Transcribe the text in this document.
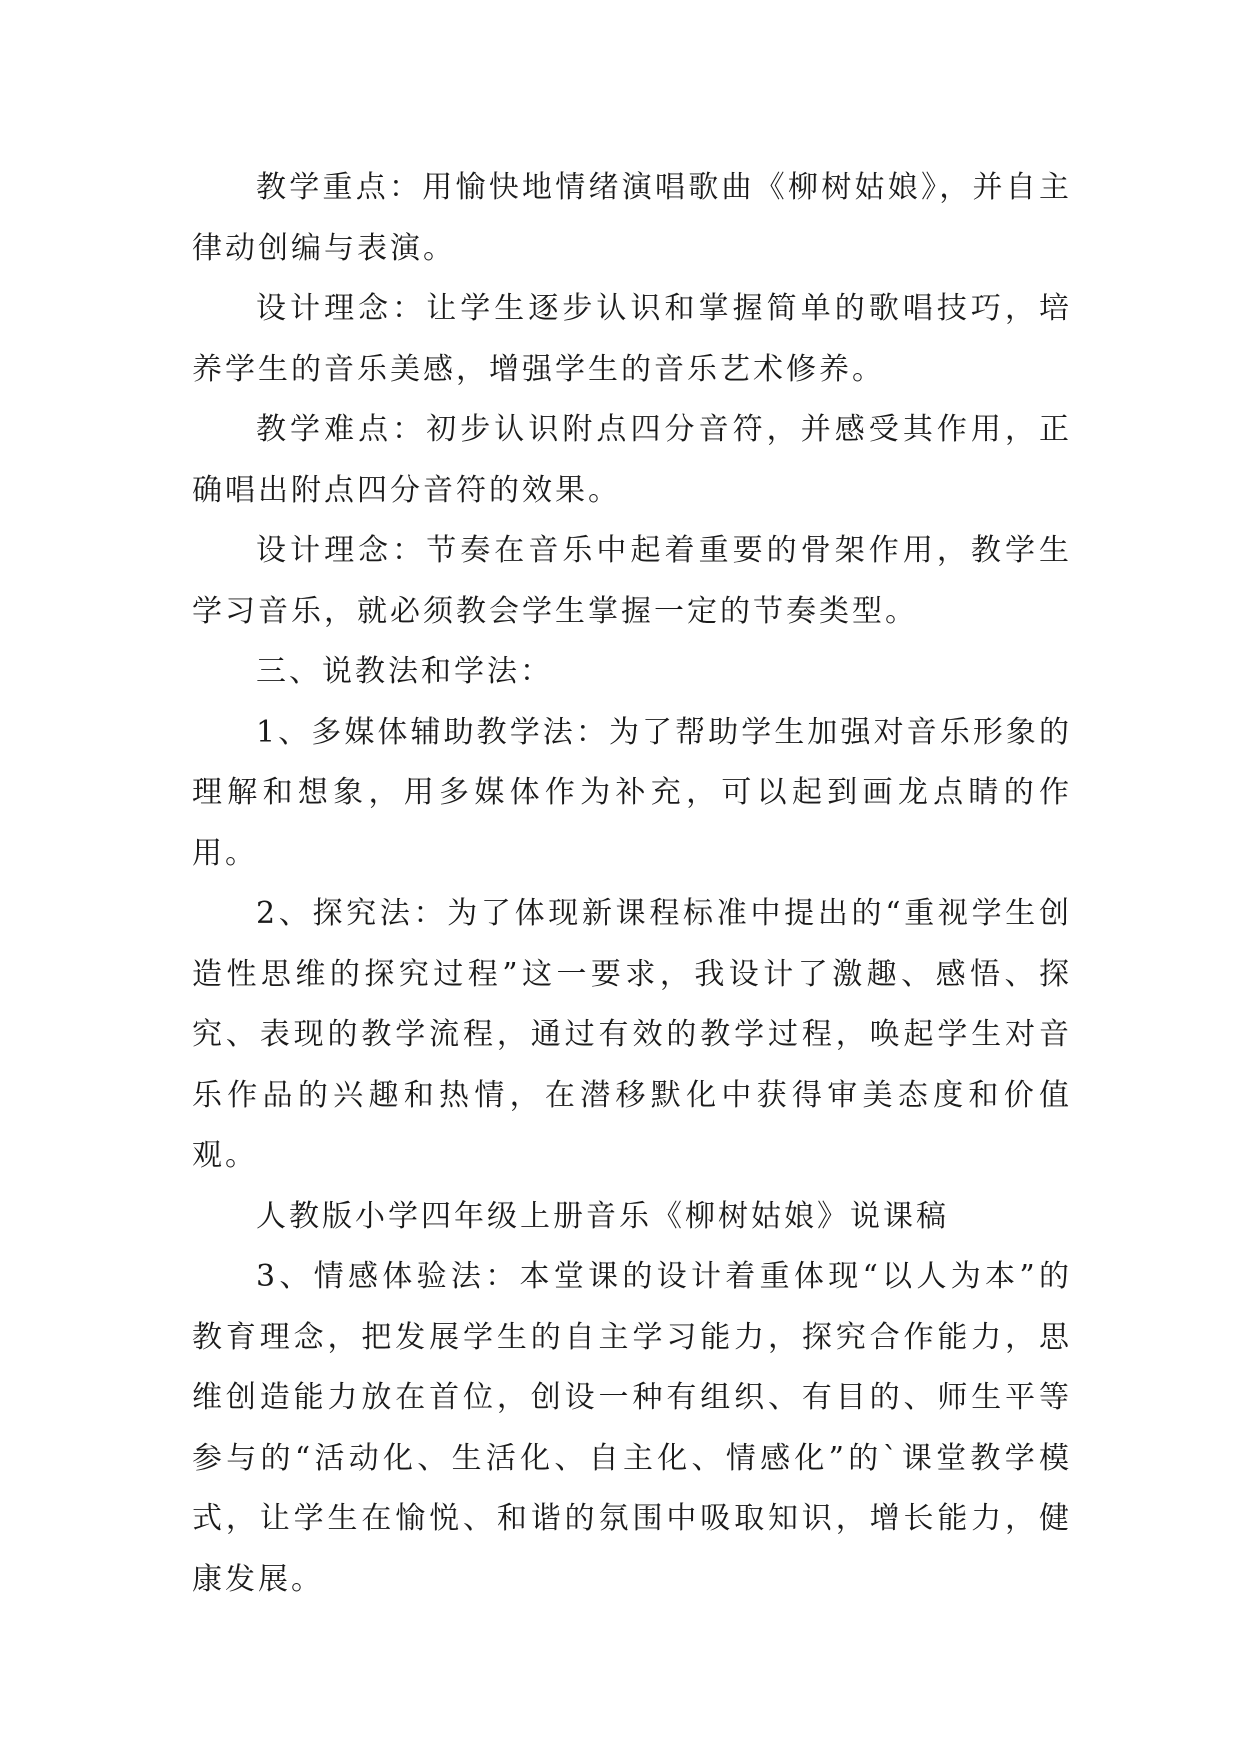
教学重点：用愉快地情绪演唱歌曲《柳树姑娘》，并自主律动创编与表演。

设计理念：让学生逐步认识和掌握简单的歌唱技巧，培养学生的音乐美感，增强学生的音乐艺术修养。

教学难点：初步认识附点四分音符，并感受其作用，正确唱出附点四分音符的效果。

设计理念：节奏在音乐中起着重要的骨架作用，教学生学习音乐，就必须教会学生掌握一定的节奏类型。

三、说教法和学法：

1、多媒体辅助教学法：为了帮助学生加强对音乐形象的理解和想象，用多媒体作为补充，可以起到画龙点睛的作用。

2、探究法：为了体现新课程标准中提出的“重视学生创造性思维的探究过程”这一要求，我设计了激趣、感悟、探究、表现的教学流程，通过有效的教学过程，唤起学生对音乐作品的兴趣和热情，在潜移默化中获得审美态度和价值观。

人教版小学四年级上册音乐《柳树姑娘》说课稿

3、情感体验法：本堂课的设计着重体现“以人为本”的教育理念，把发展学生的自主学习能力，探究合作能力，思维创造能力放在首位，创设一种有组织、有目的、师生平等参与的“活动化、生活化、自主化、情感化”的`课堂教学模式，让学生在愉悦、和谐的氛围中吸取知识，增长能力，健康发展。
